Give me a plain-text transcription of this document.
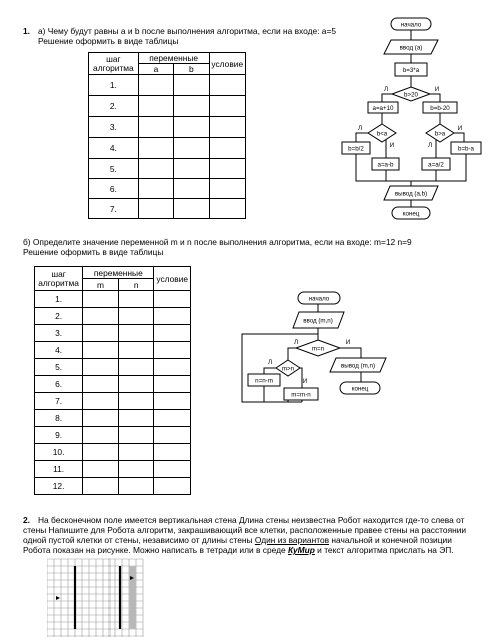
1. а) Чему будут равны a и b после выполнения алгоритма, если на входе: a=5
Решение оформить в виде таблицы
шаг алгоритма	переменные		условие
	a	b	
1.			
2.			
3.			
4.			
5.			
6.			
7.			
начало
ввод (a)
b=3*a
b>20
a=a+10	b=b-20
b<a	b>a
b=b/2
a=a-b	a=a/2
b=b-a
вывод (a,b)
конец
Л	И
Л
И	Л
И
б) Определите значение переменной m и n после выполнения алгоритма, если на входе: m=12 n=9
Решение оформить в виде таблицы
шаг алгоритма	переменные		условие
	m	n	
1.			
2.			
3.			
4.			
5.			
6.			
7.			
8.			
9.			
10.			
11.			
12.			
начало
ввод (m,n)
m=n
m>n
n=n-m
m=m-n
вывод (m,n)
конец
Л	И
Л
И
2. На бесконечном поле имеется вертикальная стена Длина стены неизвестна Робот находится где-то слева от
стены Напишите для Робота алгоритм, закрашивающий все клетки, расположенные правее стены на расстоянии
одной пустой клетки от стены, независимо от длины стены Один из вариантов начальной и конечной позиции
Робота показан на рисунке. Можно написать в тетради или в среде КуМир и текст алгоритма прислать на ЭП.
